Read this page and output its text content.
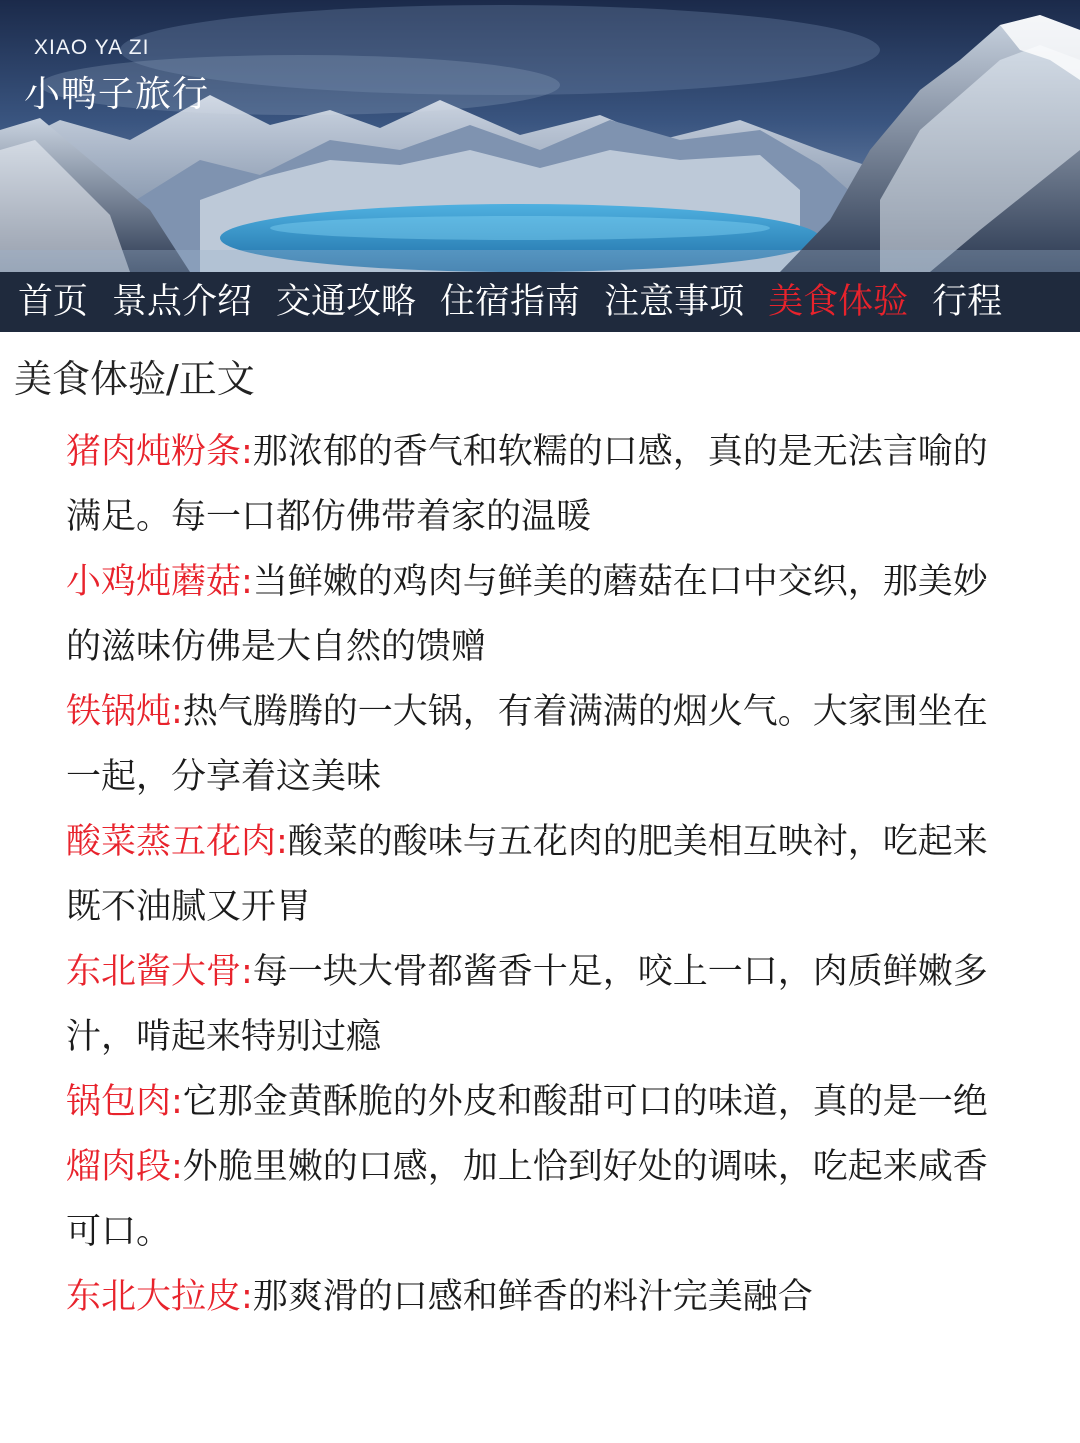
XIAO YA ZI
小鸭子旅行
首页 景点介绍 交通攻略 住宿指南 注意事项 美食体验 行程
美食体验/正文

猪肉炖粉条:那浓郁的香气和软糯的口感，真的是无法言喻的满足。每一口都仿佛带着家的温暖

小鸡炖蘑菇:当鲜嫩的鸡肉与鲜美的蘑菇在口中交织，那美妙的滋味仿佛是大自然的馈赠

铁锅炖:热气腾腾的一大锅，有着满满的烟火气。大家围坐在一起，分享着这美味

酸菜蒸五花肉:酸菜的酸味与五花肉的肥美相互映衬，吃起来既不油腻又开胃

东北酱大骨:每一块大骨都酱香十足，咬上一口，肉质鲜嫩多汁，啃起来特别过瘾

锅包肉:它那金黄酥脆的外皮和酸甜可口的味道，真的是一绝

熘肉段:外脆里嫩的口感，加上恰到好处的调味，吃起来咸香可口。

东北大拉皮:那爽滑的口感和鲜香的料汁完美融合
